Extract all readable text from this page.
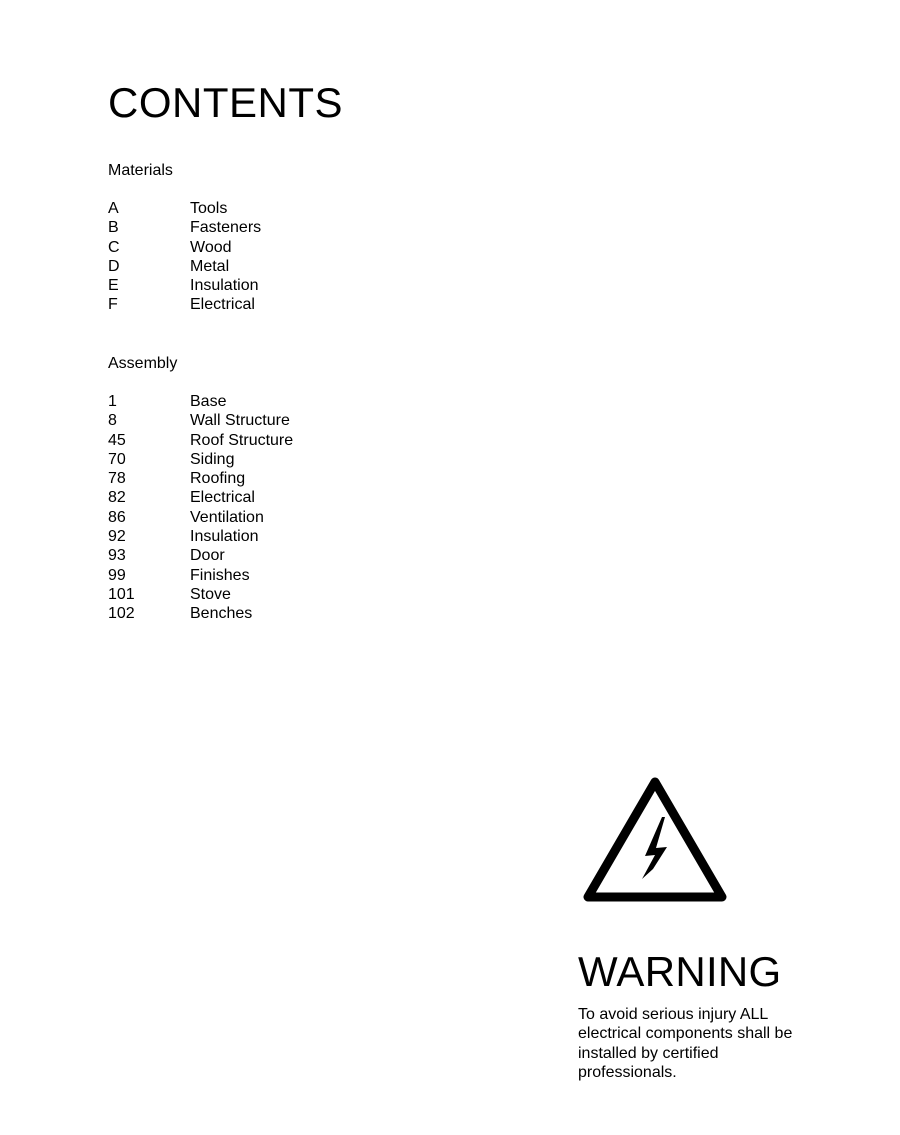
CONTENTS
Materials
A	Tools
B	Fasteners
C	Wood
D	Metal
E	Insulation
F	Electrical
Assembly
1	Base
8	Wall Structure
45	Roof Structure
70	Siding
78	Roofing
82	Electrical
86	Ventilation
92	Insulation
93	Door
99	Finishes
101	Stove
102	Benches
WARNING

To avoid serious injury ALL electrical components shall be installed by certified professionals.
